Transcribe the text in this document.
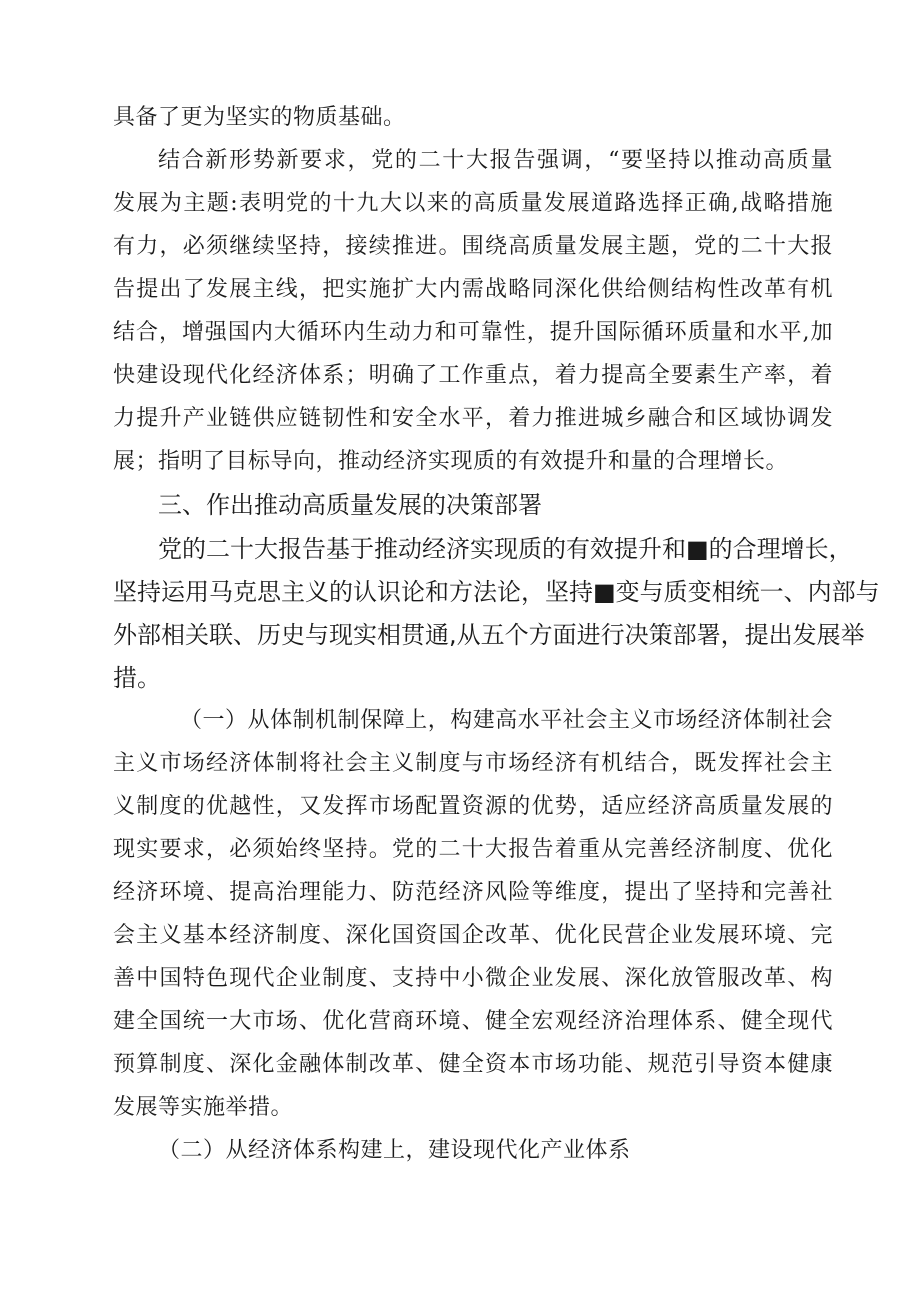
具备了更为坚实的物质基础。
结合新形势新要求，党的二十大报告强调，“要坚持以推动高质量
发展为主题:表明党的十九大以来的高质量发展道路选择正确,战略措施
有力，必须继续坚持，接续推进。围绕高质量发展主题，党的二十大报
告提出了发展主线，把实施扩大内需战略同深化供给侧结构性改革有机
结合，增强国内大循环内生动力和可靠性，提升国际循环质量和水平,加
快建设现代化经济体系；明确了工作重点，着力提高全要素生产率，着
力提升产业链供应链韧性和安全水平，着力推进城乡融合和区域协调发
展；指明了目标导向，推动经济实现质的有效提升和量的合理增长。
三、作出推动高质量发展的决策部署
党的二十大报告基于推动经济实现质的有效提升和■的合理增长，
坚持运用马克思主义的认识论和方法论，坚持■变与质变相统一、内部与
外部相关联、历史与现实相贯通,从五个方面进行决策部署，提出发展举
措。
（一）从体制机制保障上，构建高水平社会主义市场经济体制社会
主义市场经济体制将社会主义制度与市场经济有机结合，既发挥社会主
义制度的优越性，又发挥市场配置资源的优势，适应经济高质量发展的
现实要求，必须始终坚持。党的二十大报告着重从完善经济制度、优化
经济环境、提高治理能力、防范经济风险等维度，提出了坚持和完善社
会主义基本经济制度、深化国资国企改革、优化民营企业发展环境、完
善中国特色现代企业制度、支持中小微企业发展、深化放管服改革、构
建全国统一大市场、优化营商环境、健全宏观经济治理体系、健全现代
预算制度、深化金融体制改革、健全资本市场功能、规范引导资本健康
发展等实施举措。
（二）从经济体系构建上，建设现代化产业体系
